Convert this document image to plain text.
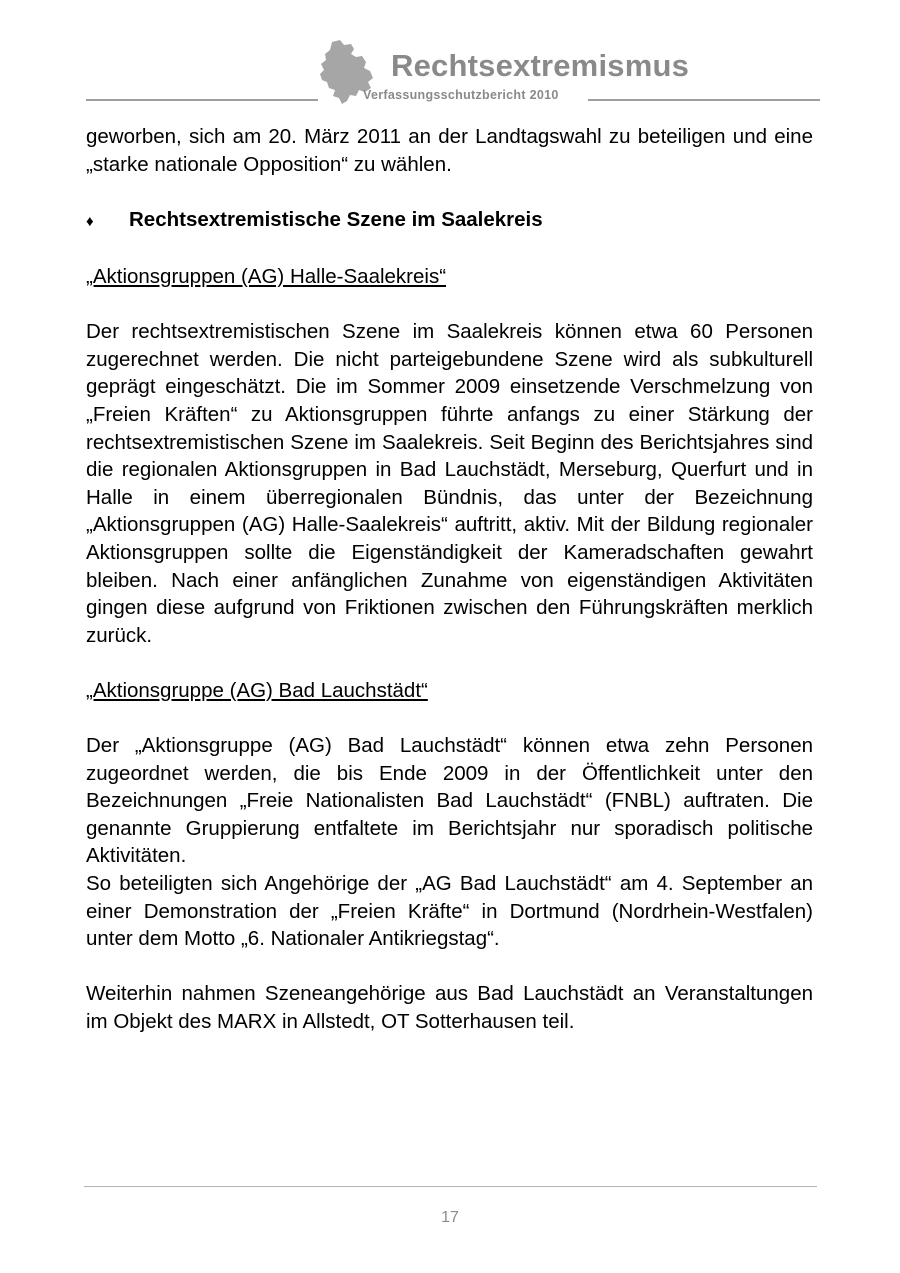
Rechtsextremismus
Verfassungsschutzbericht 2010

geworben, sich am 20. März 2011 an der Landtagswahl zu beteiligen und eine „starke nationale Opposition“ zu wählen.

♦	Rechtsextremistische Szene im Saalekreis

„Aktionsgruppen (AG) Halle-Saalekreis“

Der rechtsextremistischen Szene im Saalekreis können etwa 60 Personen zugerechnet werden. Die nicht parteigebundene Szene wird als subkulturell geprägt eingeschätzt. Die im Sommer 2009 einsetzende Verschmelzung von „Freien Kräften“ zu Aktionsgruppen führte anfangs zu einer Stärkung der rechtsextremistischen Szene im Saalekreis. Seit Beginn des Berichtsjahres sind die regionalen Aktionsgruppen in Bad Lauchstädt, Merseburg, Querfurt und in Halle in einem überregionalen Bündnis, das unter der Bezeichnung „Aktionsgruppen (AG) Halle-Saalekreis“ auftritt, aktiv. Mit der Bildung regionaler Aktionsgruppen sollte die Eigenständigkeit der Kameradschaften gewahrt bleiben. Nach einer anfänglichen Zunahme von eigenständigen Aktivitäten gingen diese aufgrund von Friktionen zwischen den Führungskräften merklich zurück.

„Aktionsgruppe (AG) Bad Lauchstädt“

Der „Aktionsgruppe (AG) Bad Lauchstädt“ können etwa zehn Personen zugeordnet werden, die bis Ende 2009 in der Öffentlichkeit unter den Bezeichnungen „Freie Nationalisten Bad Lauchstädt“ (FNBL) auftraten. Die genannte Gruppierung entfaltete im Berichtsjahr nur sporadisch politische Aktivitäten.

So beteiligten sich Angehörige der „AG Bad Lauchstädt“ am 4. September an einer Demonstration der „Freien Kräfte“ in Dortmund (Nordrhein-Westfalen) unter dem Motto „6. Nationaler Antikriegstag“.

Weiterhin nahmen Szeneangehörige aus Bad Lauchstädt an Veranstaltungen im Objekt des MARX in Allstedt, OT Sotterhausen teil.

17
